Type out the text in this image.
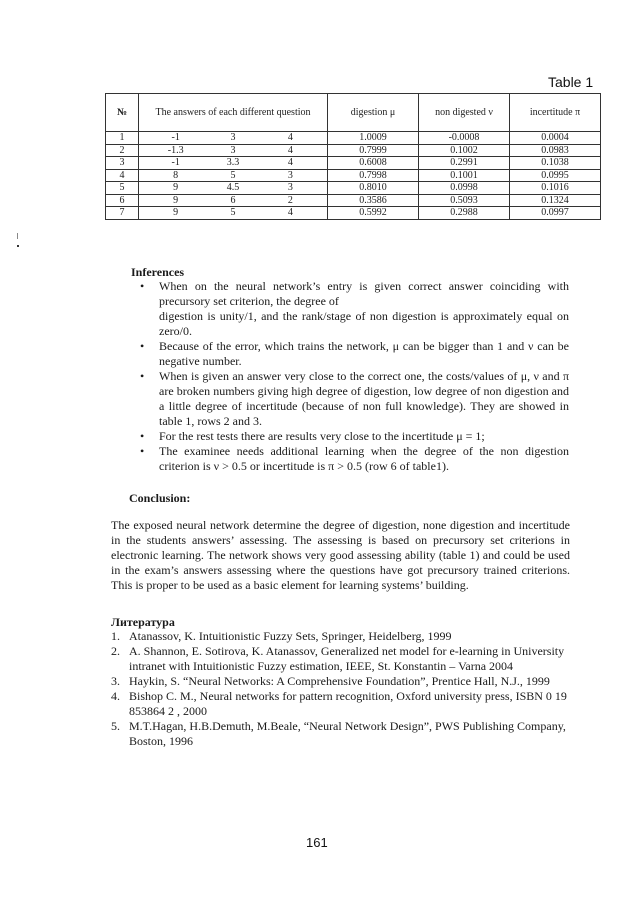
Table 1
№	The answers of each different question	digestion μ	non digested ν	incertitude π
1	-1 3 4	1.0009	-0.0008	0.0004
2	-1.3 3 4	0.7999	0.1002	0.0983
3	-1 3.3 4	0.6008	0.2991	0.1038
4	8 5 3	0.7998	0.1001	0.0995
5	9 4.5 3	0.8010	0.0998	0.1016
6	9 6 2	0.3586	0.5093	0.1324
7	9 5 4	0.5992	0.2988	0.0997
Inferences
• When on the neural network’s entry is given correct answer coinciding with precursory set criterion, the degree of
digestion is unity/1, and the rank/stage of non digestion is approximately equal on zero/0.
• Because of the error, which trains the network, μ can be bigger than 1 and ν can be negative number.
• When is given an answer very close to the correct one, the costs/values of μ, ν and π are broken numbers giving high degree of digestion, low degree of non digestion and a little degree of incertitude (because of non full knowledge). They are showed in table 1, rows 2 and 3.
• For the rest tests there are results very close to the incertitude μ = 1;
• The examinee needs additional learning when the degree of the non digestion criterion is ν > 0.5 or incertitude is π > 0.5 (row 6 of table1).
Conclusion:
The exposed neural network determine the degree of digestion, none digestion and incertitude in the students answers’ assessing. The assessing is based on precursory set criterions in electronic learning. The network shows very good assessing ability (table 1) and could be used in the exam’s answers assessing where the questions have got precursory trained criterions. This is proper to be used as a basic element for learning systems’ building.
Литература
1. Atanassov, K. Intuitionistic Fuzzy Sets, Springer, Heidelberg, 1999
2. A. Shannon, E. Sotirova, K. Atanassov, Generalized net model for e-learning in University intranet with Intuitionistic Fuzzy estimation, IEEE, St. Konstantin – Varna 2004
3. Haykin, S. “Neural Networks: A Comprehensive Foundation”, Prentice Hall, N.J., 1999
4. Bishop C. M., Neural networks for pattern recognition, Oxford university press, ISBN 0 19 853864 2 , 2000
5. M.T.Hagan, H.B.Demuth, M.Beale, “Neural Network Design”, PWS Publishing Company, Boston, 1996
161
